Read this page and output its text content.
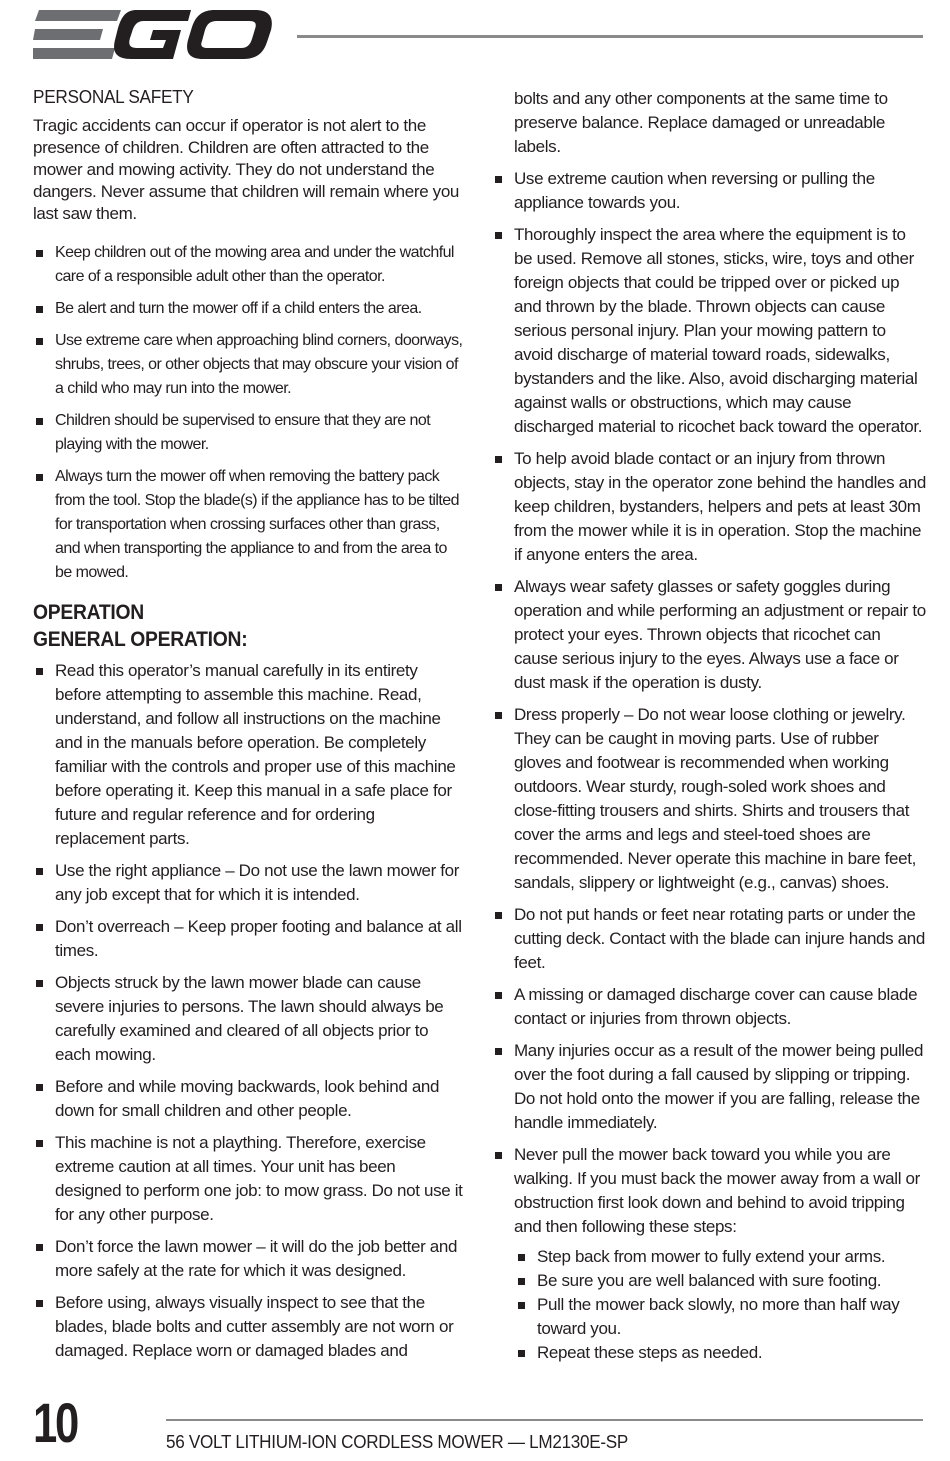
PERSONAL SAFETY

Tragic accidents can occur if operator is not alert to the presence of children. Children are often attracted to the mower and mowing activity. They do not understand the dangers. Never assume that children will remain where you last saw them.

Keep children out of the mowing area and under the watchful care of a responsible adult other than the operator.
Be alert and turn the mower off if a child enters the area.
Use extreme care when approaching blind corners, doorways, shrubs, trees, or other objects that may obscure your vision of a child who may run into the mower.
Children should be supervised to ensure that they are not playing with the mower.
Always turn the mower off when removing the battery pack from the tool. Stop the blade(s) if the appliance has to be tilted for transportation when crossing surfaces other than grass, and when transporting the appliance to and from the area to be mowed.
OPERATION
GENERAL OPERATION:
Read this operator’s manual carefully in its entirety before attempting to assemble this machine. Read, understand, and follow all instructions on the machine and in the manuals before operation. Be completely familiar with the controls and proper use of this machine before operating it. Keep this manual in a safe place for future and regular reference and for ordering replacement parts.
Use the right appliance – Do not use the lawn mower for any job except that for which it is intended.
Don’t overreach – Keep proper footing and balance at all times.
Objects struck by the lawn mower blade can cause severe injuries to persons. The lawn should always be carefully examined and cleared of all objects prior to each mowing.
Before and while moving backwards, look behind and down for small children and other people.
This machine is not a plaything. Therefore, exercise extreme caution at all times. Your unit has been designed to perform one job: to mow grass. Do not use it for any other purpose.
Don’t force the lawn mower – it will do the job better and more safely at the rate for which it was designed.
Before using, always visually inspect to see that the blades, blade bolts and cutter assembly are not worn or damaged. Replace worn or damaged blades and

bolts and any other components at the same time to preserve balance. Replace damaged or unreadable labels.

Use extreme caution when reversing or pulling the appliance towards you.
Thoroughly inspect the area where the equipment is to be used. Remove all stones, sticks, wire, toys and other foreign objects that could be tripped over or picked up and thrown by the blade. Thrown objects can cause serious personal injury. Plan your mowing pattern to avoid discharge of material toward roads, sidewalks, bystanders and the like. Also, avoid discharging material against walls or obstructions, which may cause discharged material to ricochet back toward the operator.
To help avoid blade contact or an injury from thrown objects, stay in the operator zone behind the handles and keep children, bystanders, helpers and pets at least 30m from the mower while it is in operation. Stop the machine if anyone enters the area.
Always wear safety glasses or safety goggles during operation and while performing an adjustment or repair to protect your eyes. Thrown objects that ricochet can cause serious injury to the eyes. Always use a face or dust mask if the operation is dusty.
Dress properly – Do not wear loose clothing or jewelry. They can be caught in moving parts. Use of rubber gloves and footwear is recommended when working outdoors. Wear sturdy, rough-soled work shoes and close-fitting trousers and shirts. Shirts and trousers that cover the arms and legs and steel-toed shoes are recommended. Never operate this machine in bare feet, sandals, slippery or lightweight (e.g., canvas) shoes.
Do not put hands or feet near rotating parts or under the cutting deck. Contact with the blade can injure hands and feet.
A missing or damaged discharge cover can cause blade contact or injuries from thrown objects.
Many injuries occur as a result of the mower being pulled over the foot during a fall caused by slipping or tripping. Do not hold onto the mower if you are falling, release the handle immediately.
Never pull the mower back toward you while you are walking. If you must back the mower away from a wall or obstruction first look down and behind to avoid tripping and then following these steps:
Step back from mower to fully extend your arms.
Be sure you are well balanced with sure footing.
Pull the mower back slowly, no more than half way toward you.
Repeat these steps as needed.
10	56 VOLT LITHIUM-ION CORDLESS MOWER — LM2130E-SP
